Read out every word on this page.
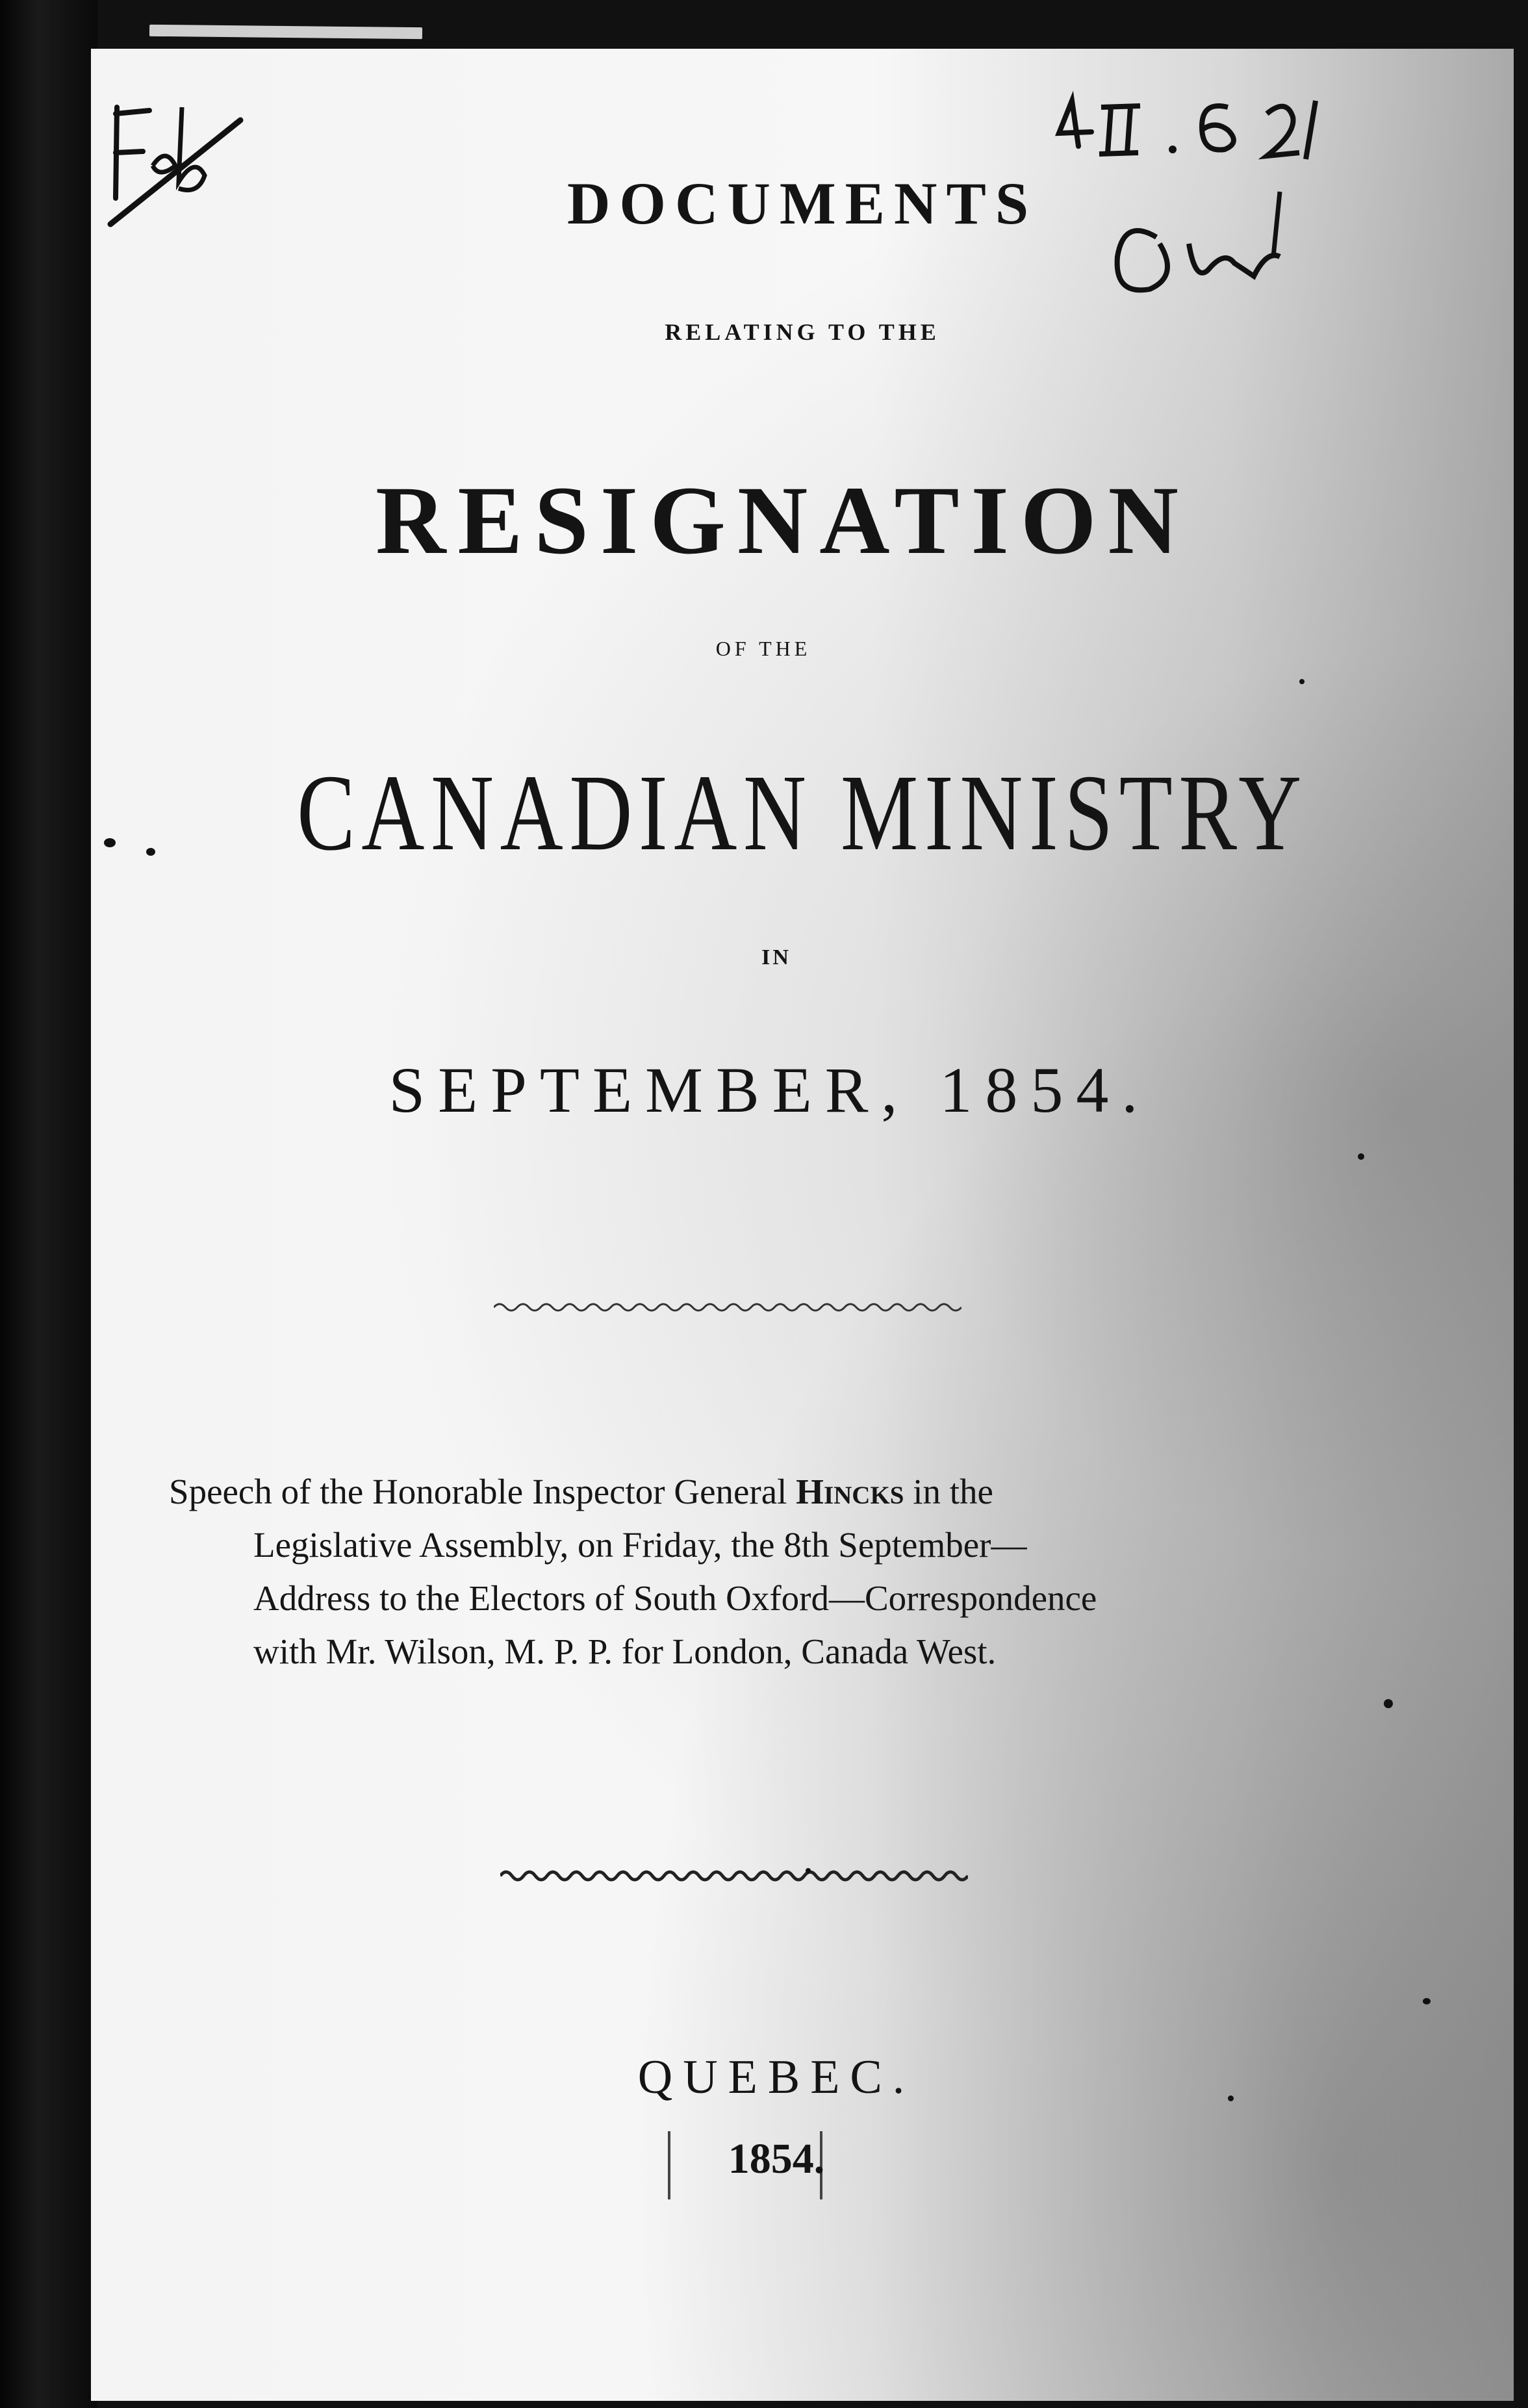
DOCUMENTS
RELATING TO THE
RESIGNATION
OF THE
CANADIAN MINISTRY
IN
SEPTEMBER, 1854.
Speech of the Honorable Inspector General Hincks in the
Legislative Assembly, on Friday, the 8th September—
Address to the Electors of South Oxford—Correspondence
with Mr. Wilson, M. P. P. for London, Canada West.
QUEBEC.
1854.
